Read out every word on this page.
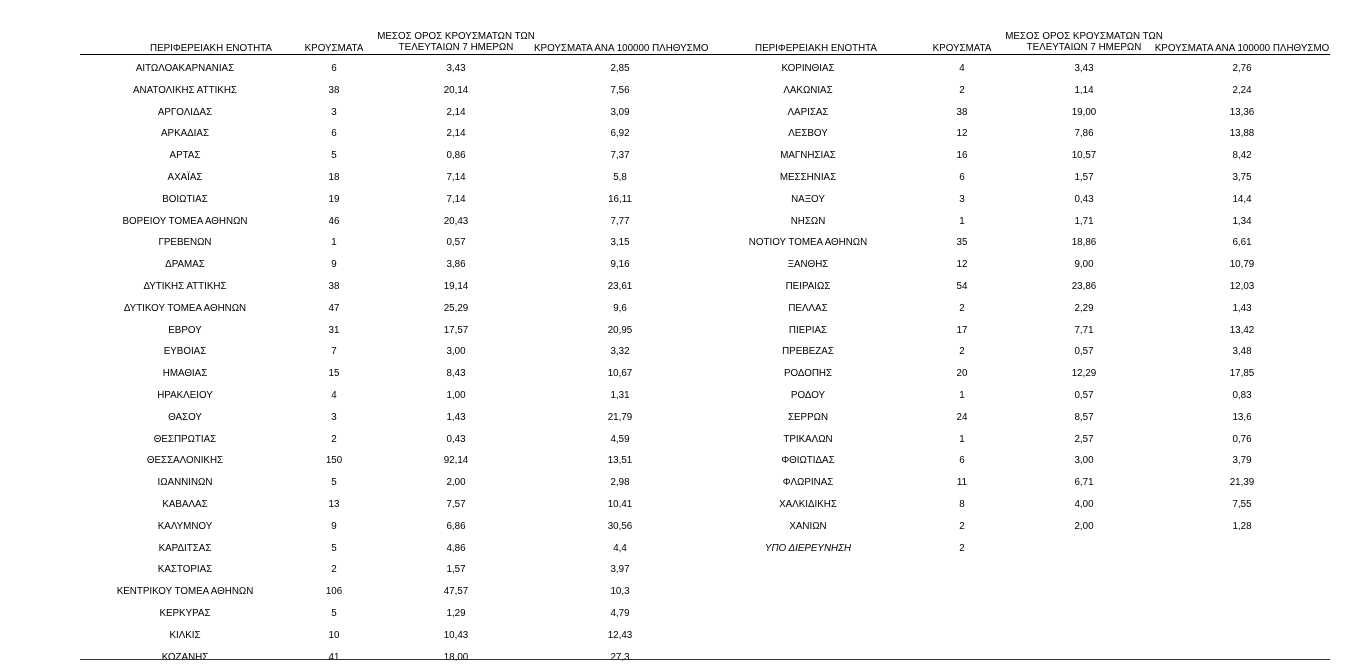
ΠΕΡΙΦΕΡΕΙΑΚΗ ΕΝΟΤΗΤΑ	ΚΡΟΥΣΜΑΤΑ
ΜΕΣΟΣ ΟΡΟΣ ΚΡΟΥΣΜΑΤΩΝ ΤΩΝ
ΤΕΛΕΥΤΑΙΩΝ 7 ΗΜΕΡΩΝ	ΚΡΟΥΣΜΑΤΑ ΑΝΑ 100000 ΠΛΗΘΥΣΜΟ
ΑΙΤΩΛΟΑΚΑΡΝΑΝΙΑΣ	6	3,43	2,85
ΑΝΑΤΟΛΙΚΗΣ ΑΤΤΙΚΗΣ	38	20,14	7,56
ΑΡΓΟΛΙΔΑΣ	3	2,14	3,09
ΑΡΚΑΔΙΑΣ	6	2,14	6,92
ΑΡΤΑΣ	5	0,86	7,37
ΑΧΑΪΑΣ	18	7,14	5,8
ΒΟΙΩΤΙΑΣ	19	7,14	16,11
ΒΟΡΕΙΟΥ ΤΟΜΕΑ ΑΘΗΝΩΝ	46	20,43	7,77
ΓΡΕΒΕΝΩΝ	1	0,57	3,15
ΔΡΑΜΑΣ	9	3,86	9,16
ΔΥΤΙΚΗΣ ΑΤΤΙΚΗΣ	38	19,14	23,61
ΔΥΤΙΚΟΥ ΤΟΜΕΑ ΑΘΗΝΩΝ	47	25,29	9,6
ΕΒΡΟΥ	31	17,57	20,95
ΕΥΒΟΙΑΣ	7	3,00	3,32
ΗΜΑΘΙΑΣ	15	8,43	10,67
ΗΡΑΚΛΕΙΟΥ	4	1,00	1,31
ΘΑΣΟΥ	3	1,43	21,79
ΘΕΣΠΡΩΤΙΑΣ	2	0,43	4,59
ΘΕΣΣΑΛΟΝΙΚΗΣ	150	92,14	13,51
ΙΩΑΝΝΙΝΩΝ	5	2,00	2,98
ΚΑΒΑΛΑΣ	13	7,57	10,41
ΚΑΛΥΜΝΟΥ	9	6,86	30,56
ΚΑΡΔΙΤΣΑΣ	5	4,86	4,4
ΚΑΣΤΟΡΙΑΣ	2	1,57	3,97
ΚΕΝΤΡΙΚΟΥ ΤΟΜΕΑ ΑΘΗΝΩΝ	106	47,57	10,3
ΚΕΡΚΥΡΑΣ	5	1,29	4,79
ΚΙΛΚΙΣ	10	10,43	12,43
ΚΟΖΑΝΗΣ	41	18,00	27,3
ΠΕΡΙΦΕΡΕΙΑΚΗ ΕΝΟΤΗΤΑ	ΚΡΟΥΣΜΑΤΑ
ΜΕΣΟΣ ΟΡΟΣ ΚΡΟΥΣΜΑΤΩΝ ΤΩΝ
ΤΕΛΕΥΤΑΙΩΝ 7 ΗΜΕΡΩΝ	ΚΡΟΥΣΜΑΤΑ ΑΝΑ 100000 ΠΛΗΘΥΣΜΟ
ΚΟΡΙΝΘΙΑΣ	4	3,43	2,76
ΛΑΚΩΝΙΑΣ	2	1,14	2,24
ΛΑΡΙΣΑΣ	38	19,00	13,36
ΛΕΣΒΟΥ	12	7,86	13,88
ΜΑΓΝΗΣΙΑΣ	16	10,57	8,42
ΜΕΣΣΗΝΙΑΣ	6	1,57	3,75
ΝΑΞΟΥ	3	0,43	14,4
ΝΗΣΩΝ	1	1,71	1,34
ΝΟΤΙΟΥ ΤΟΜΕΑ ΑΘΗΝΩΝ	35	18,86	6,61
ΞΑΝΘΗΣ	12	9,00	10,79
ΠΕΙΡΑΙΩΣ	54	23,86	12,03
ΠΕΛΛΑΣ	2	2,29	1,43
ΠΙΕΡΙΑΣ	17	7,71	13,42
ΠΡΕΒΕΖΑΣ	2	0,57	3,48
ΡΟΔΟΠΗΣ	20	12,29	17,85
ΡΟΔΟΥ	1	0,57	0,83
ΣΕΡΡΩΝ	24	8,57	13,6
ΤΡΙΚΑΛΩΝ	1	2,57	0,76
ΦΘΙΩΤΙΔΑΣ	6	3,00	3,79
ΦΛΩΡΙΝΑΣ	11	6,71	21,39
ΧΑΛΚΙΔΙΚΗΣ	8	4,00	7,55
ΧΑΝΙΩΝ	2	2,00	1,28
ΥΠΟ ΔΙΕΡΕΥΝΗΣΗ	2
